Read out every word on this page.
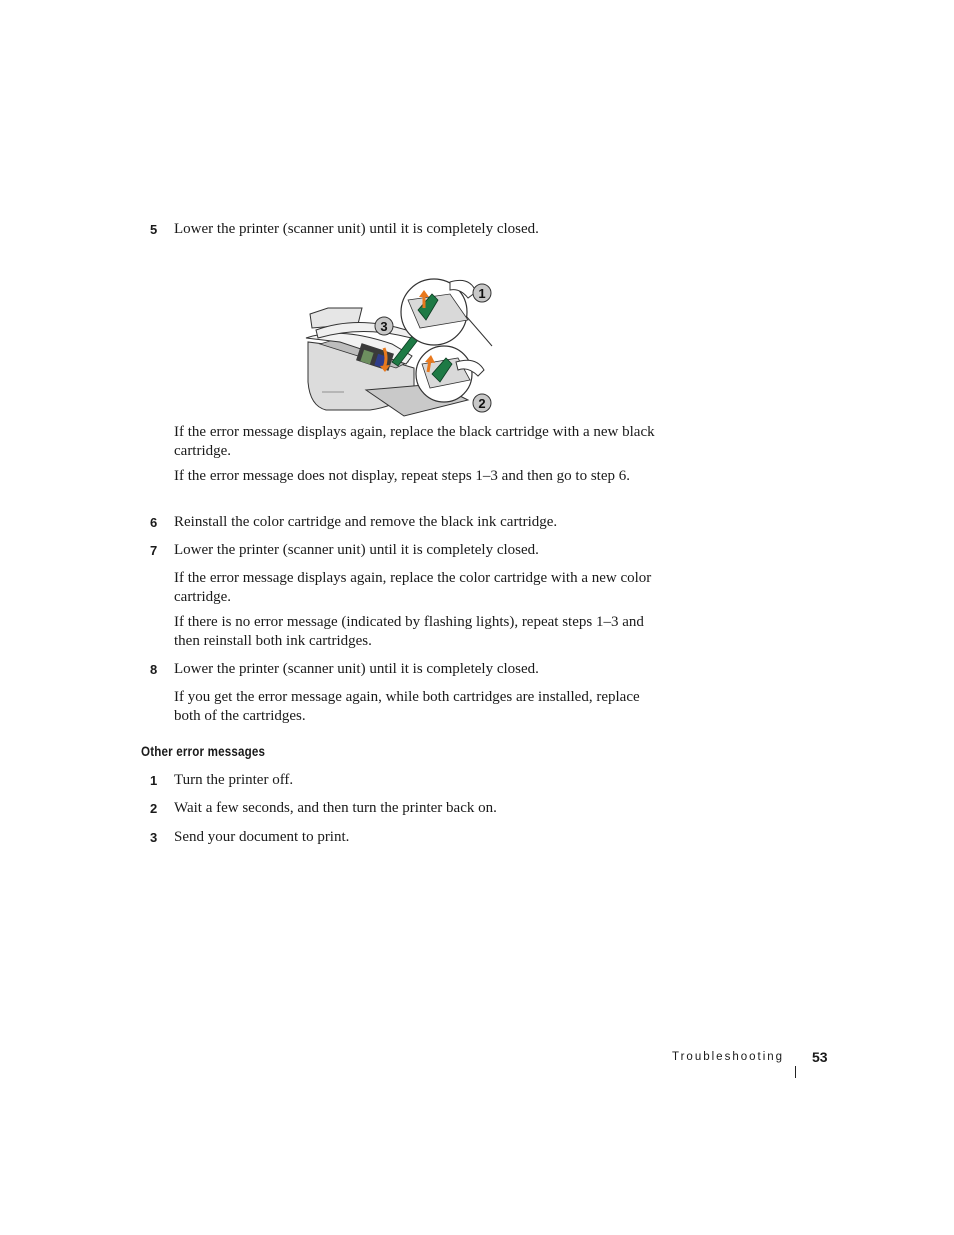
5 Lower the printer (scanner unit) until it is completely closed.
1
2
3

If the error message displays again, replace the black cartridge with a new black cartridge.

If the error message does not display, repeat steps 1–3 and then go to step 6.

6 Reinstall the color cartridge and remove the black ink cartridge.
7 Lower the printer (scanner unit) until it is completely closed.

If the error message displays again, replace the color cartridge with a new color cartridge.

If there is no error message (indicated by flashing lights), repeat steps 1–3 and then reinstall both ink cartridges.

8 Lower the printer (scanner unit) until it is completely closed.

If you get the error message again, while both cartridges are installed, replace both of the cartridges.

Other error messages
1 Turn the printer off.
2 Wait a few seconds, and then turn the printer back on.
3 Send your document to print.
Troubleshooting 53
